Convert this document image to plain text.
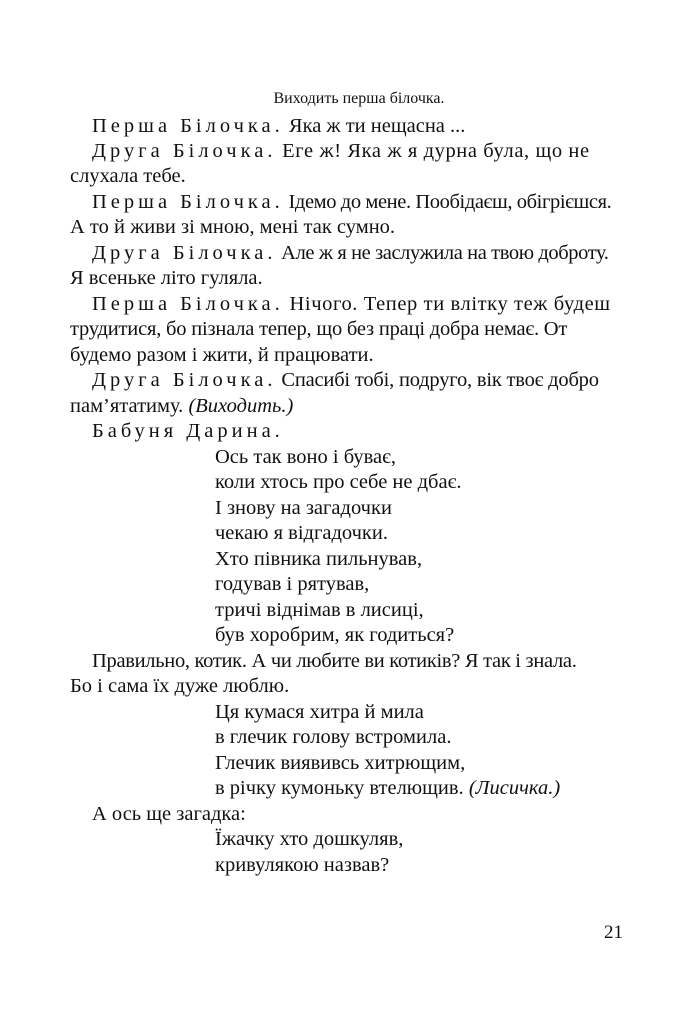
Виходить перша білочка.
Перша Білочка. Яка ж ти нещасна ...
Друга Білочка. Еге ж! Яка ж я дурна була, що не
слухала тебе.
Перша Білочка. Ідемо до мене. Пообідаєш, обігрієшся.
А то й живи зі мною, мені так сумно.
Друга Білочка. Але ж я не заслужила на твою доброту.
Я всеньке літо гуляла.
Перша Білочка. Нічого. Тепер ти влітку теж будеш
трудитися, бо пізнала тепер, що без праці добра немає. От
будемо разом і жити, й працювати.
Друга Білочка. Спасибі тобі, подруго, вік твоє добро
пам’ятатиму. (Виходить.)
Бабуня Дарина.
Ось так воно і буває,
коли хтось про себе не дбає.
І знову на загадочки
чекаю я відгадочки.
Хто півника пильнував,
годував і рятував,
тричі віднімав в лисиці,
був хоробрим, як годиться?
Правильно, котик. А чи любите ви котиків? Я так і знала.
Бо і сама їх дуже люблю.
Ця кумася хитра й мила
в глечик голову встромила.
Глечик виявивсь хитрющим,
в річку кумоньку втелющив. (Лисичка.)
А ось ще загадка:
Їжачку хто дошкуляв,
кривулякою назвав?
21
